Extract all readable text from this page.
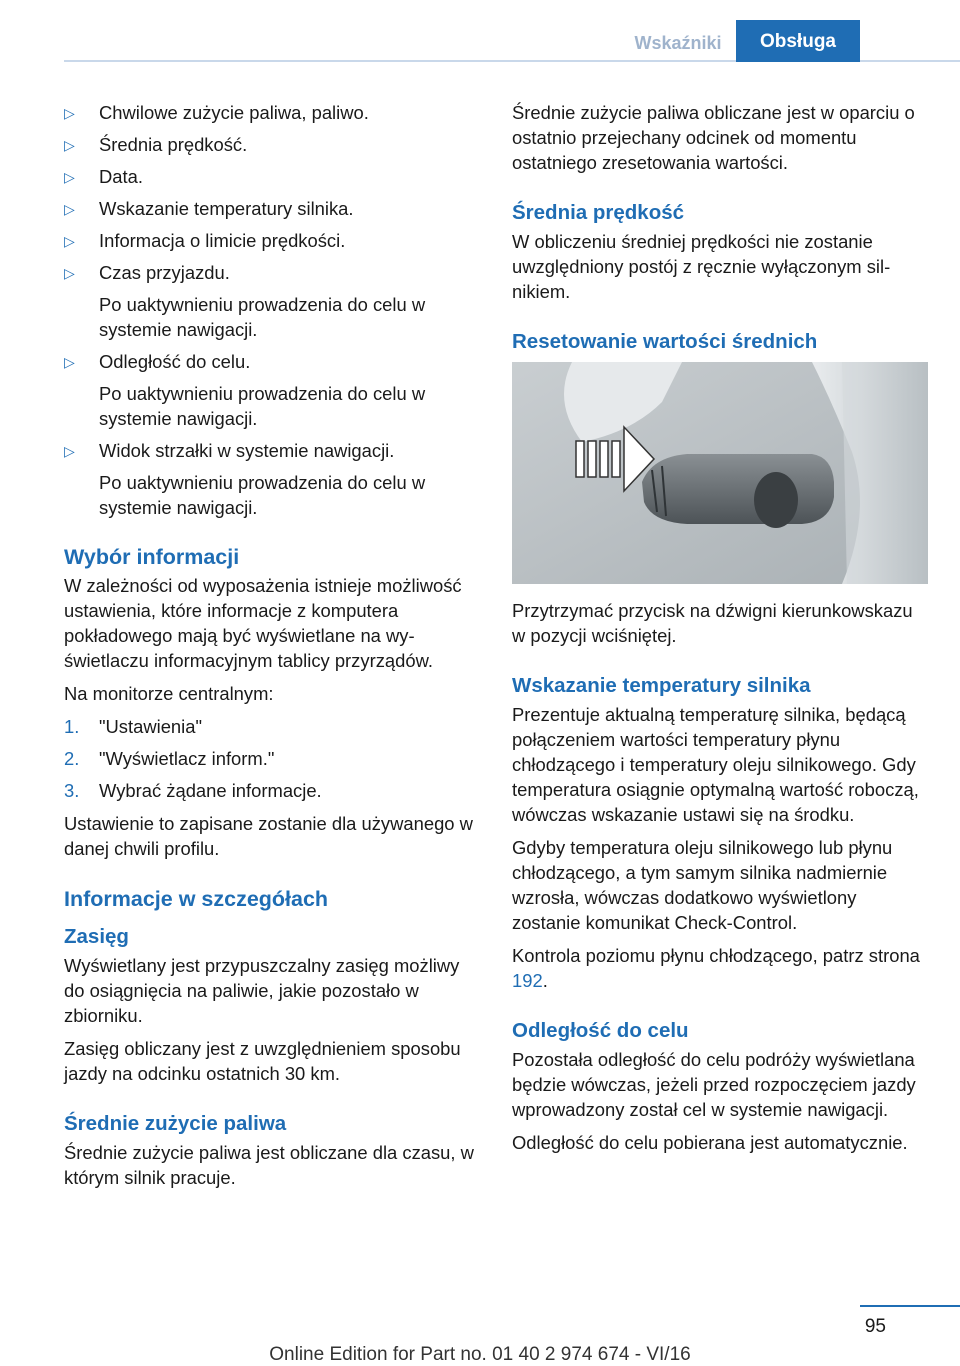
Wskaźniki	Obsługa
▷ Chwilowe zużycie paliwa, paliwo.
▷ Średnia prędkość.
▷ Data.
▷ Wskazanie temperatury silnika.
▷ Informacja o limicie prędkości.
▷ Czas przyjazdu.
Po uaktywnieniu prowadzenia do celu w systemie nawigacji.
▷ Odległość do celu.
Po uaktywnieniu prowadzenia do celu w systemie nawigacji.
▷ Widok strzałki w systemie nawigacji.
Po uaktywnieniu prowadzenia do celu w systemie nawigacji.
Wybór informacji

W zależności od wyposażenia istnieje możliwość ustawienia, które informacje z komputera pokładowego mają być wyświetlane na wyświetlaczu informacyjnym tablicy przyrządów.

Na monitorze centralnym:

1. "Ustawienia"
2. "Wyświetlacz inform."
3. Wybrać żądane informacje.

Ustawienie to zapisane zostanie dla używanego w danej chwili profilu.

Informacje w szczegółach
Zasięg

Wyświetlany jest przypuszczalny zasięg możliwy do osiągnięcia na paliwie, jakie pozostało w zbiorniku.

Zasięg obliczany jest z uwzględnieniem sposobu jazdy na odcinku ostatnich 30 km.

Średnie zużycie paliwa

Średnie zużycie paliwa jest obliczane dla czasu, w którym silnik pracuje.

Średnie zużycie paliwa obliczane jest w oparciu o ostatnio przejechany odcinek od momentu ostatniego zresetowania wartości.

Średnia prędkość

W obliczeniu średniej prędkości nie zostanie uwzględniony postój z ręcznie wyłączonym silnikiem.

Resetowanie wartości średnich

Przytrzymać przycisk na dźwigni kierunkowskazu w pozycji wciśniętej.

Wskazanie temperatury silnika

Prezentuje aktualną temperaturę silnika, będącą połączeniem wartości temperatury płynu chłodzącego i temperatury oleju silnikowego. Gdy temperatura osiągnie optymalną wartość roboczą, wówczas wskazanie ustawi się na środku.

Gdyby temperatura oleju silnikowego lub płynu chłodzącego, a tym samym silnika nadmiernie wzrosła, wówczas dodatkowo wyświetlony zostanie komunikat Check-Control.

Kontrola poziomu płynu chłodzącego, patrz strona 192.

Odległość do celu

Pozostała odległość do celu podróży wyświetlana będzie wówczas, jeżeli przed rozpoczęciem jazdy wprowadzony został cel w systemie nawigacji.

Odległość do celu pobierana jest automatycznie.

95
Online Edition for Part no. 01 40 2 974 674 - VI/16
